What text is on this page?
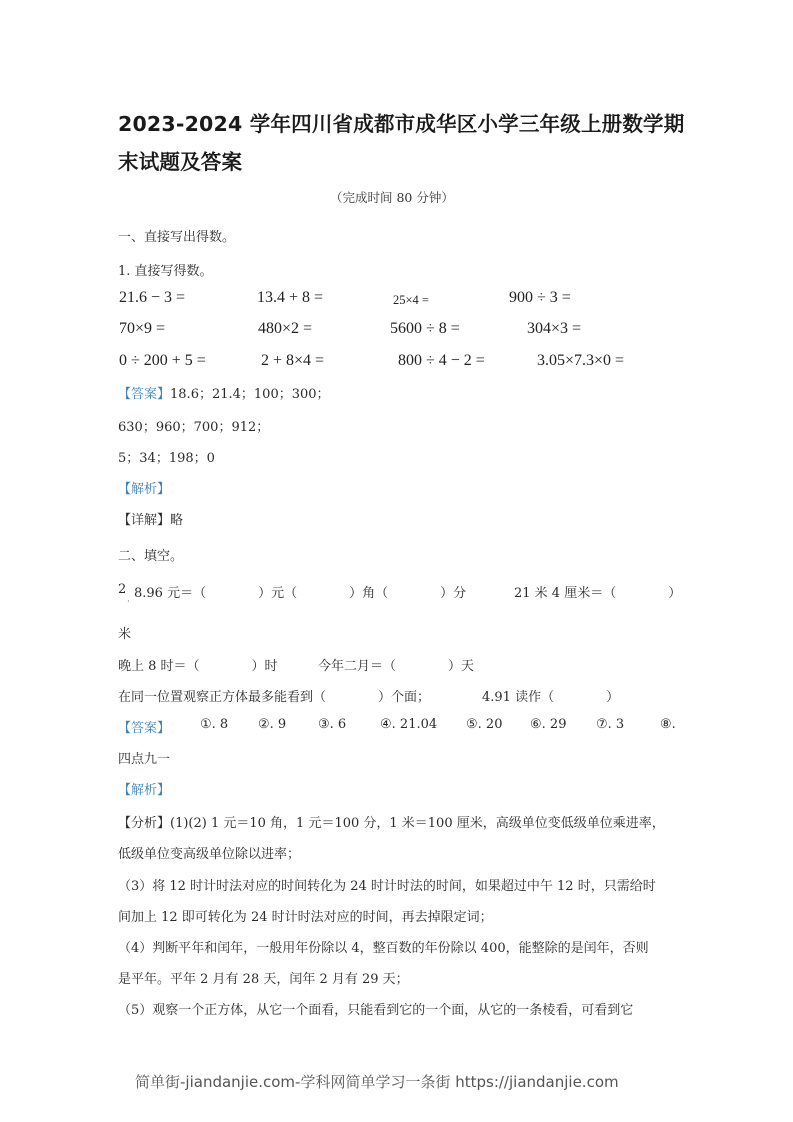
2023-2024 学年四川省成都市成华区小学三年级上册数学期
末试题及答案
（完成时间 80 分钟）
一、直接写出得数。
1. 直接写得数。
21.6 − 3 =	13.4 + 8 =	25×4 =	900 ÷ 3 =
70×9 =	480×2 =	5600 ÷ 8 =	304×3 =
0 ÷ 200 + 5 =	2 + 8×4 =	800 ÷ 4 − 2 =	3.05×7.3×0 =
【答案】18.6；21.4；100；300；
630；960；700；912；
5；34；198；0
【解析】
【详解】略
二、填空。
2
·
8.96 元＝（　　　　）元（　　　　）角（　　　　）分	21 米 4 厘米＝（　　　　）
米
晚上 8 时＝（　　　　）时	今年二月＝（　　　　）天
在同一位置观察正方体最多能看到（　　　　）个面；	4.91 读作（　　　　）
【答案】 ①. 8 ②. 9 ③. 6	④. 21.04 ⑤. 20 ⑥. 29 ⑦. 3	⑧.
四点九一
【解析】
【分析】(1)(2) 1 元＝10 角，1 元＝100 分，1 米＝100 厘米，高级单位变低级单位乘进率，
低级单位变高级单位除以进率；
（3）将 12 时计时法对应的时间转化为 24 时计时法的时间，如果超过中午 12 时，只需给时
间加上 12 即可转化为 24 时计时法对应的时间，再去掉限定词；
（4）判断平年和闰年，一般用年份除以 4，整百数的年份除以 400，能整除的是闰年，否则
是平年。平年 2 月有 28 天，闰年 2 月有 29 天；
（5）观察一个正方体，从它一个面看，只能看到它的一个面，从它的一条棱看，可看到它
简单街-jiandanjie.com-学科网简单学习一条街 https://jiandanjie.com
